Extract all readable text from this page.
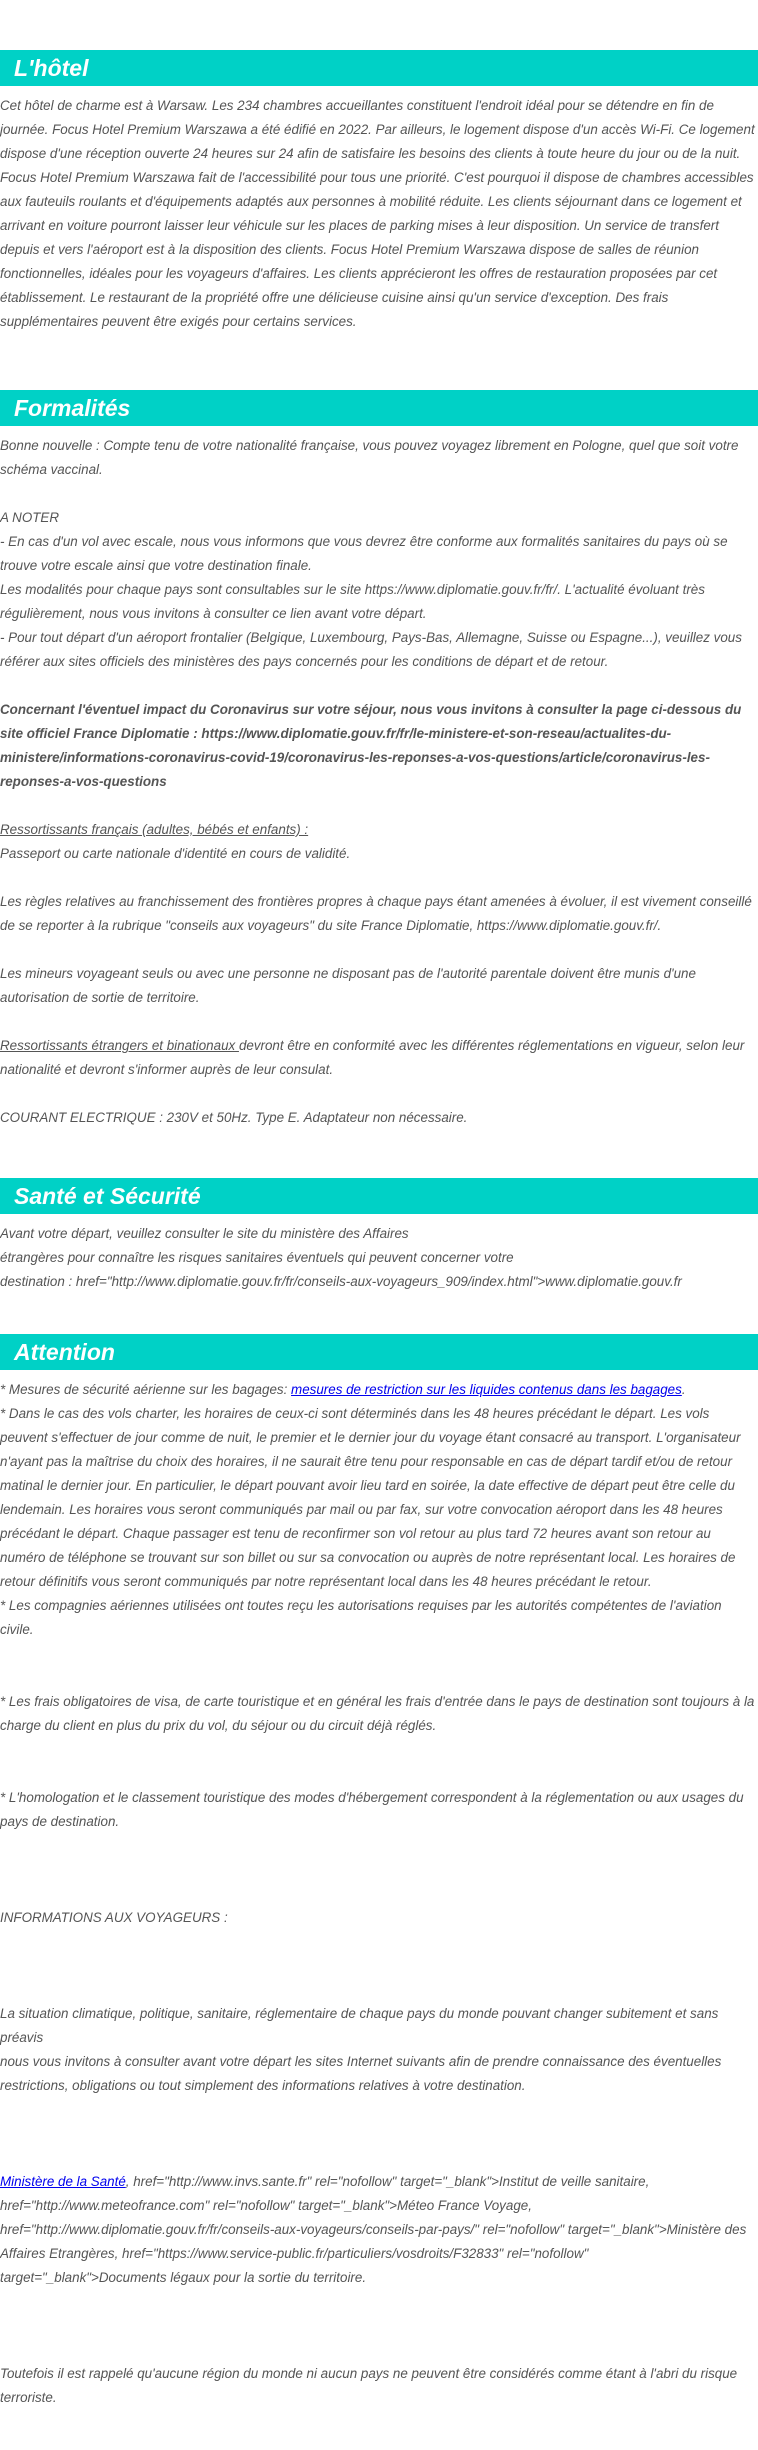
L'hôtel

Cet hôtel de charme est à Warsaw. Les 234 chambres accueillantes constituent l'endroit idéal pour se détendre en fin de journée. Focus Hotel Premium Warszawa a été édifié en 2022. Par ailleurs, le logement dispose d'un accès Wi-Fi. Ce logement dispose d'une réception ouverte 24 heures sur 24 afin de satisfaire les besoins des clients à toute heure du jour ou de la nuit. Focus Hotel Premium Warszawa fait de l'accessibilité pour tous une priorité. C'est pourquoi il dispose de chambres accessibles aux fauteuils roulants et d'équipements adaptés aux personnes à mobilité réduite. Les clients séjournant dans ce logement et arrivant en voiture pourront laisser leur véhicule sur les places de parking mises à leur disposition. Un service de transfert depuis et vers l'aéroport est à la disposition des clients. Focus Hotel Premium Warszawa dispose de salles de réunion fonctionnelles, idéales pour les voyageurs d'affaires. Les clients apprécieront les offres de restauration proposées par cet établissement. Le restaurant de la propriété offre une délicieuse cuisine ainsi qu'un service d'exception. Des frais supplémentaires peuvent être exigés pour certains services.

Formalités

Bonne nouvelle : Compte tenu de votre nationalité française, vous pouvez voyagez librement en Pologne, quel que soit votre schéma vaccinal.

A NOTER

- En cas d'un vol avec escale, nous vous informons que vous devrez être conforme aux formalités sanitaires du pays où se trouve votre escale ainsi que votre destination finale.

Les modalités pour chaque pays sont consultables sur le site https://www.diplomatie.gouv.fr/fr/. L'actualité évoluant très régulièrement, nous vous invitons à consulter ce lien avant votre départ.

- Pour tout départ d'un aéroport frontalier (Belgique, Luxembourg, Pays-Bas, Allemagne, Suisse ou Espagne...), veuillez vous référer aux sites officiels des ministères des pays concernés pour les conditions de départ et de retour.

Concernant l'éventuel impact du Coronavirus sur votre séjour, nous vous invitons à consulter la page ci-dessous du site officiel France Diplomatie : https://www.diplomatie.gouv.fr/fr/le-ministere-et-son-reseau/actualites-du-ministere/informations-coronavirus-covid-19/coronavirus-les-reponses-a-vos-questions/article/coronavirus-les-reponses-a-vos-questions

Ressortissants français (adultes, bébés et enfants) :

Passeport ou carte nationale d'identité en cours de validité.

Les règles relatives au franchissement des frontières propres à chaque pays étant amenées à évoluer, il est vivement conseillé de se reporter à la rubrique "conseils aux voyageurs" du site France Diplomatie, https://www.diplomatie.gouv.fr/.

Les mineurs voyageant seuls ou avec une personne ne disposant pas de l'autorité parentale doivent être munis d'une autorisation de sortie de territoire.

Ressortissants étrangers et binationaux devront être en conformité avec les différentes réglementations en vigueur, selon leur nationalité et devront s'informer auprès de leur consulat.

COURANT ELECTRIQUE : 230V et 50Hz. Type E. Adaptateur non nécessaire.

Santé et Sécurité

Avant votre départ, veuillez consulter le site du ministère des Affaires

étrangères pour connaître les risques sanitaires éventuels qui peuvent concerner votre

destination : href="http://www.diplomatie.gouv.fr/fr/conseils-aux-voyageurs_909/index.html">www.diplomatie.gouv.fr

Attention

* Mesures de sécurité aérienne sur les bagages: mesures de restriction sur les liquides contenus dans les bagages.

* Dans le cas des vols charter, les horaires de ceux-ci sont déterminés dans les 48 heures précédant le départ. Les vols peuvent s'effectuer de jour comme de nuit, le premier et le dernier jour du voyage étant consacré au transport. L'organisateur n'ayant pas la maîtrise du choix des horaires, il ne saurait être tenu pour responsable en cas de départ tardif et/ou de retour matinal le dernier jour. En particulier, le départ pouvant avoir lieu tard en soirée, la date effective de départ peut être celle du lendemain. Les horaires vous seront communiqués par mail ou par fax, sur votre convocation aéroport dans les 48 heures précédant le départ. Chaque passager est tenu de reconfirmer son vol retour au plus tard 72 heures avant son retour au numéro de téléphone se trouvant sur son billet ou sur sa convocation ou auprès de notre représentant local. Les horaires de retour définitifs vous seront communiqués par notre représentant local dans les 48 heures précédant le retour.

* Les compagnies aériennes utilisées ont toutes reçu les autorisations requises par les autorités compétentes de l'aviation civile.

* Les frais obligatoires de visa, de carte touristique et en général les frais d'entrée dans le pays de destination sont toujours à la charge du client en plus du prix du vol, du séjour ou du circuit déjà réglés.

* L'homologation et le classement touristique des modes d'hébergement correspondent à la réglementation ou aux usages du pays de destination.

INFORMATIONS AUX VOYAGEURS :

La situation climatique, politique, sanitaire, réglementaire de chaque pays du monde pouvant changer subitement et sans préavis

nous vous invitons à consulter avant votre départ les sites Internet suivants afin de prendre connaissance des éventuelles restrictions, obligations ou tout simplement des informations relatives à votre destination.

Ministère de la Santé, href="http://www.invs.sante.fr" rel="nofollow" target="_blank">Institut de veille sanitaire, href="http://www.meteofrance.com" rel="nofollow" target="_blank">Méteo France Voyage, href="http://www.diplomatie.gouv.fr/fr/conseils-aux-voyageurs/conseils-par-pays/" rel="nofollow" target="_blank">Ministère des Affaires Etrangères, href="https://www.service-public.fr/particuliers/vosdroits/F32833" rel="nofollow" target="_blank">Documents légaux pour la sortie du territoire.

Toutefois il est rappelé qu'aucune région du monde ni aucun pays ne peuvent être considérés comme étant à l'abri du risque terroriste.
